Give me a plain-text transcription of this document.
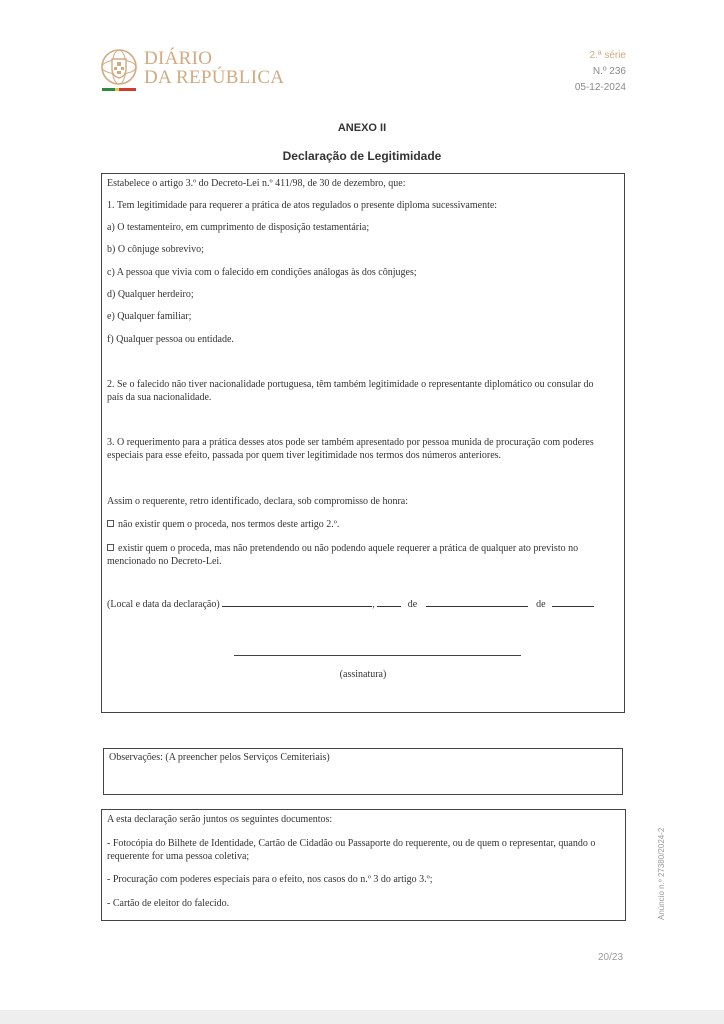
DIÁRIO
DA REPÚBLICA
2.ª série
N.º 236
05-12-2024
ANEXO II
Declaração de Legitimidade
Estabelece o artigo 3.º do Decreto-Lei n.º 411/98, de 30 de dezembro, que:
1. Tem legitimidade para requerer a prática de atos regulados o presente diploma sucessivamente:
a) O testamenteiro, em cumprimento de disposição testamentária;
b) O cônjuge sobrevivo;
c) A pessoa que vivia com o falecido em condições análogas às dos cônjuges;
d) Qualquer herdeiro;
e) Qualquer familiar;
f) Qualquer pessoa ou entidade.
2. Se o falecido não tiver nacionalidade portuguesa, têm também legitimidade o representante diplomático ou consular do país da sua nacionalidade.
3. O requerimento para a prática desses atos pode ser também apresentado por pessoa munida de procuração com poderes especiais para esse efeito, passada por quem tiver legitimidade nos termos dos números anteriores.
Assim o requerente, retro identificado, declara, sob compromisso de honra:
não existir quem o proceda, nos termos deste artigo 2.º.
existir quem o proceda, mas não pretendendo ou não podendo aquele requerer a prática de qualquer ato previsto no mencionado no Decreto-Lei.
(Local e data da declaração)	,	de	de
(assinatura)
Observações: (A preencher pelos Serviços Cemiteriais)
A esta declaração serão juntos os seguintes documentos:
- Fotocópia do Bilhete de Identidade, Cartão de Cidadão ou Passaporte do requerente, ou de quem o representar, quando o requerente for uma pessoa coletiva;
- Procuração com poderes especiais para o efeito, nos casos do n.º 3 do artigo 3.º;
- Cartão de eleitor do falecido.	Anúncio n.º 27380/2024-2
20/23
